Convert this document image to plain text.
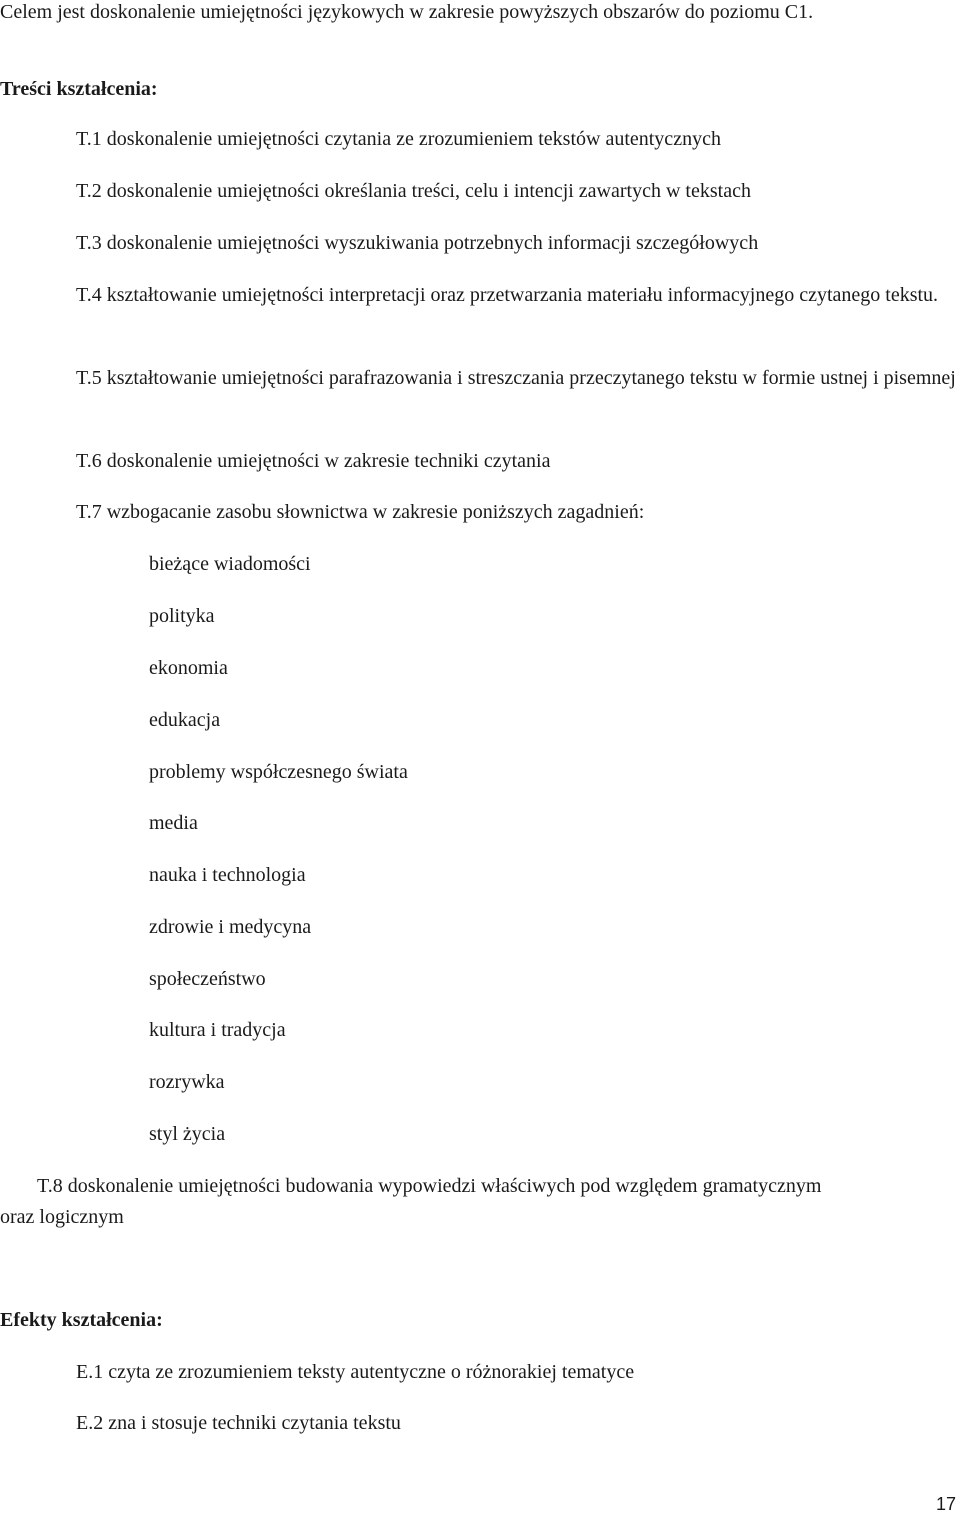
Celem jest doskonalenie umiejętności językowych w zakresie powyższych obszarów do poziomu C1.
Treści kształcenia:
T.1 doskonalenie umiejętności czytania ze zrozumieniem tekstów autentycznych
T.2 doskonalenie umiejętności określania treści, celu i intencji zawartych w tekstach
T.3 doskonalenie umiejętności wyszukiwania potrzebnych informacji szczegółowych
T.4 kształtowanie umiejętności interpretacji oraz przetwarzania materiału informacyjnego czytanego tekstu.
T.5 kształtowanie umiejętności parafrazowania i streszczania przeczytanego tekstu w formie ustnej i pisemnej
T.6 doskonalenie umiejętności w zakresie techniki czytania
T.7 wzbogacanie zasobu słownictwa w zakresie poniższych zagadnień:
bieżące wiadomości
polityka
ekonomia
edukacja
problemy współczesnego świata
media
nauka i technologia
zdrowie i medycyna
społeczeństwo
kultura i tradycja
rozrywka
styl życia
T.8 doskonalenie umiejętności budowania wypowiedzi właściwych pod względem gramatycznym
oraz logicznym
Efekty kształcenia:
E.1 czyta ze zrozumieniem teksty autentyczne o różnorakiej tematyce
E.2 zna i stosuje techniki czytania tekstu
17
